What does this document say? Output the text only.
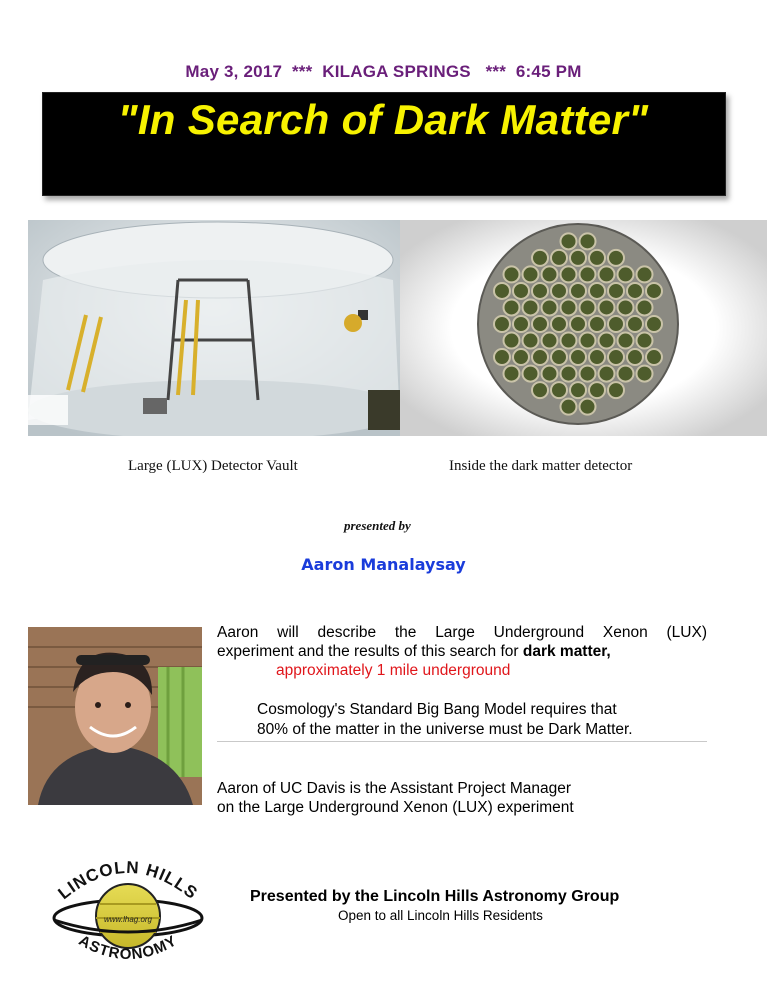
May 3, 2017  ***  KILAGA SPRINGS   ***  6:45 PM
"In Search of Dark Matter"
Large (LUX) Detector Vault	Inside the dark matter detector
presented by
Aaron Manalaysay
Aaron will describe the Large Underground Xenon (LUX)
experiment and the results of this search for dark matter,
approximately 1 mile underground
Cosmology's Standard Big Bang Model requires that
80% of the matter in the universe must be Dark Matter.
Aaron of UC Davis is the Assistant Project Manager
on the Large Underground Xenon (LUX) experiment
LINCOLN HILLS
www.lhag.org
ASTRONOMY
Presented by the Lincoln Hills Astronomy Group
Open to all Lincoln Hills Residents
